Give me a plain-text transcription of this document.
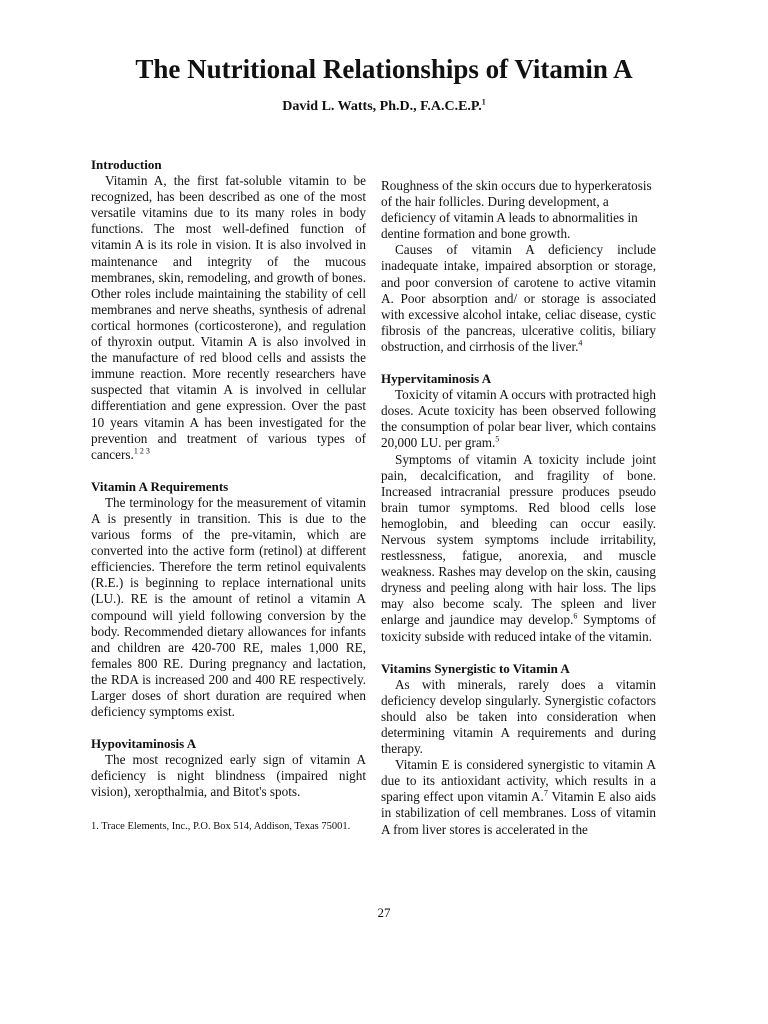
The Nutritional Relationships of Vitamin A
David L. Watts, Ph.D., F.A.C.E.P.$^1$
Introduction

Vitamin A, the first fat-soluble vitamin to be recognized, has been described as one of the most versatile vitamins due to its many roles in body functions. The most well-defined function of vitamin A is its role in vision. It is also involved in maintenance and integrity of the mucous membranes, skin, remodeling, and growth of bones. Other roles include maintaining the stability of cell membranes and nerve sheaths, synthesis of adrenal cortical hormones (corticosterone), and regulation of thyroxin output. Vitamin A is also involved in the manufacture of red blood cells and assists the immune reaction. More recently researchers have suspected that vitamin A is involved in cellular differentiation and gene expression. Over the past 10 years vitamin A has been investigated for the prevention and treatment of various types of cancers.$^{1 2 3}$

Vitamin A Requirements

The terminology for the measurement of vitamin A is presently in transition. This is due to the various forms of the pre-vitamin, which are converted into the active form (retinol) at different efficiencies. Therefore the term retinol equivalents (R.E.) is beginning to replace international units (LU.). RE is the amount of retinol a vitamin A compound will yield following conversion by the body. Recommended dietary allowances for infants and children are 420-700 RE, males 1,000 RE, females 800 RE. During pregnancy and lactation, the RDA is increased 200 and 400 RE respectively. Larger doses of short duration are required when deficiency symptoms exist.

Hypovitaminosis A

The most recognized early sign of vitamin A deficiency is night blindness (impaired night vision), xeropthalmia, and Bitot's spots.

1. Trace Elements, Inc., P.O. Box 514, Addison, Texas 75001.

Roughness of the skin occurs due to hyperkeratosis of the hair follicles. During development, a deficiency of vitamin A leads to abnormalities in dentine formation and bone growth.

Causes of vitamin A deficiency include inadequate intake, impaired absorption or storage, and poor conversion of carotene to active vitamin A. Poor absorption and/ or storage is associated with excessive alcohol intake, celiac disease, cystic fibrosis of the pancreas, ulcerative colitis, biliary obstruction, and cirrhosis of the liver.$^4$

Hypervitaminosis A

Toxicity of vitamin A occurs with protracted high doses. Acute toxicity has been observed following the consumption of polar bear liver, which contains 20,000 LU. per gram.$^5$

Symptoms of vitamin A toxicity include joint pain, decalcification, and fragility of bone. Increased intracranial pressure produces pseudo brain tumor symptoms. Red blood cells lose hemoglobin, and bleeding can occur easily. Nervous system symptoms include irritability, restlessness, fatigue, anorexia, and muscle weakness. Rashes may develop on the skin, causing dryness and peeling along with hair loss. The lips may also become scaly. The spleen and liver enlarge and jaundice may develop.$^6$ Symptoms of toxicity subside with reduced intake of the vitamin.

Vitamins Synergistic to Vitamin A

As with minerals, rarely does a vitamin deficiency develop singularly. Synergistic cofactors should also be taken into consideration when determining vitamin A requirements and during therapy.

Vitamin E is considered synergistic to vitamin A due to its antioxidant activity, which results in a sparing effect upon vitamin A.$^7$ Vitamin E also aids in stabilization of cell membranes. Loss of vitamin A from liver stores is accelerated in the

27
